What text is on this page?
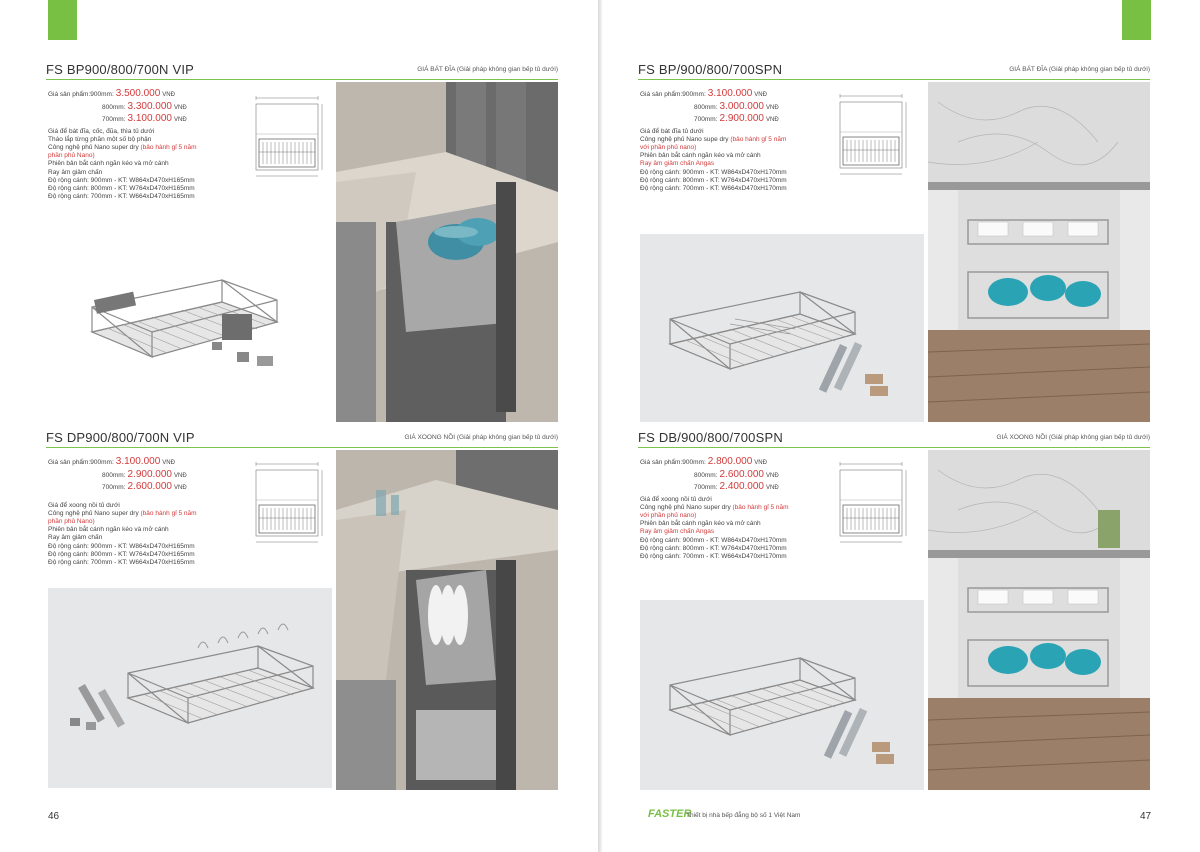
FS BP900/800/700N VIP	GIÁ BÁT ĐĨA (Giải pháp không gian bếp tủ dưới)
Giá sản phẩm: 900mm: 3.500.000 VNĐ
800mm: 3.300.000 VNĐ
700mm: 3.100.000 VNĐ

Giá để bát đĩa, cốc, đũa, thìa tủ dưới

Tháo lắp từng phần một số bộ phận

Công nghệ phủ Nano super dry (bảo hành gỉ 5 năm

phần phủ Nano)

Phiên bản bắt cánh ngăn kéo và mở cánh

Ray âm giảm chấn

Độ rộng cánh: 900mm - KT: W864xD470xH165mm

Độ rộng cánh: 800mm - KT: W764xD470xH165mm

Độ rộng cánh: 700mm - KT: W664xD470xH165mm

FS DP900/800/700N VIP	GIÁ XOONG NỒI (Giải pháp không gian bếp tủ dưới)
Giá sản phẩm: 900mm: 3.100.000 VNĐ
800mm: 2.900.000 VNĐ
700mm: 2.600.000 VNĐ

Giá để xoong nồi tủ dưới

Công nghệ phủ Nano super dry (bảo hành gỉ 5 năm

phần phủ Nano)

Phiên bản bắt cánh ngăn kéo và mở cánh

Ray âm giảm chấn

Độ rộng cánh: 900mm - KT: W864xD470xH165mm

Độ rộng cánh: 800mm - KT: W764xD470xH165mm

Độ rộng cánh: 700mm - KT: W664xD470xH165mm

FS BP/900/800/700SPN	GIÁ BÁT ĐĨA (Giải pháp không gian bếp tủ dưới)
Giá sản phẩm: 900mm: 3.100.000 VNĐ
800mm: 3.000.000 VNĐ
700mm: 2.900.000 VNĐ

Giá để bát đĩa tủ dưới

Công nghệ phủ Nano supe dry (bảo hành gỉ 5 năm

với phần phủ nano)

Phiên bản bắt cánh ngăn kéo và mở cánh

Ray âm giảm chấn Angas

Độ rộng cánh: 900mm - KT: W864xD470xH170mm

Độ rộng cánh: 800mm - KT: W764xD470xH170mm

Độ rộng cánh: 700mm - KT: W664xD470xH170mm

FS DB/900/800/700SPN	GIÁ XOONG NỒI (Giải pháp không gian bếp tủ dưới)
Giá sản phẩm: 900mm: 2.800.000 VNĐ
800mm: 2.600.000 VNĐ
700mm: 2.400.000 VNĐ

Giá để xoong nồi tủ dưới

Công nghệ phủ Nano super dry (bảo hành gỉ 5 năm

với phần phủ nano)

Phiên bản bắt cánh ngăn kéo và mở cánh

Ray âm giảm chấn Angas

Độ rộng cánh: 900mm - KT: W864xD470xH170mm

Độ rộng cánh: 800mm - KT: W764xD470xH170mm

Độ rộng cánh: 700mm - KT: W664xD470xH170mm

46	47
FASTER
Thiết bị nhà bếp đẳng bộ số 1 Việt Nam
